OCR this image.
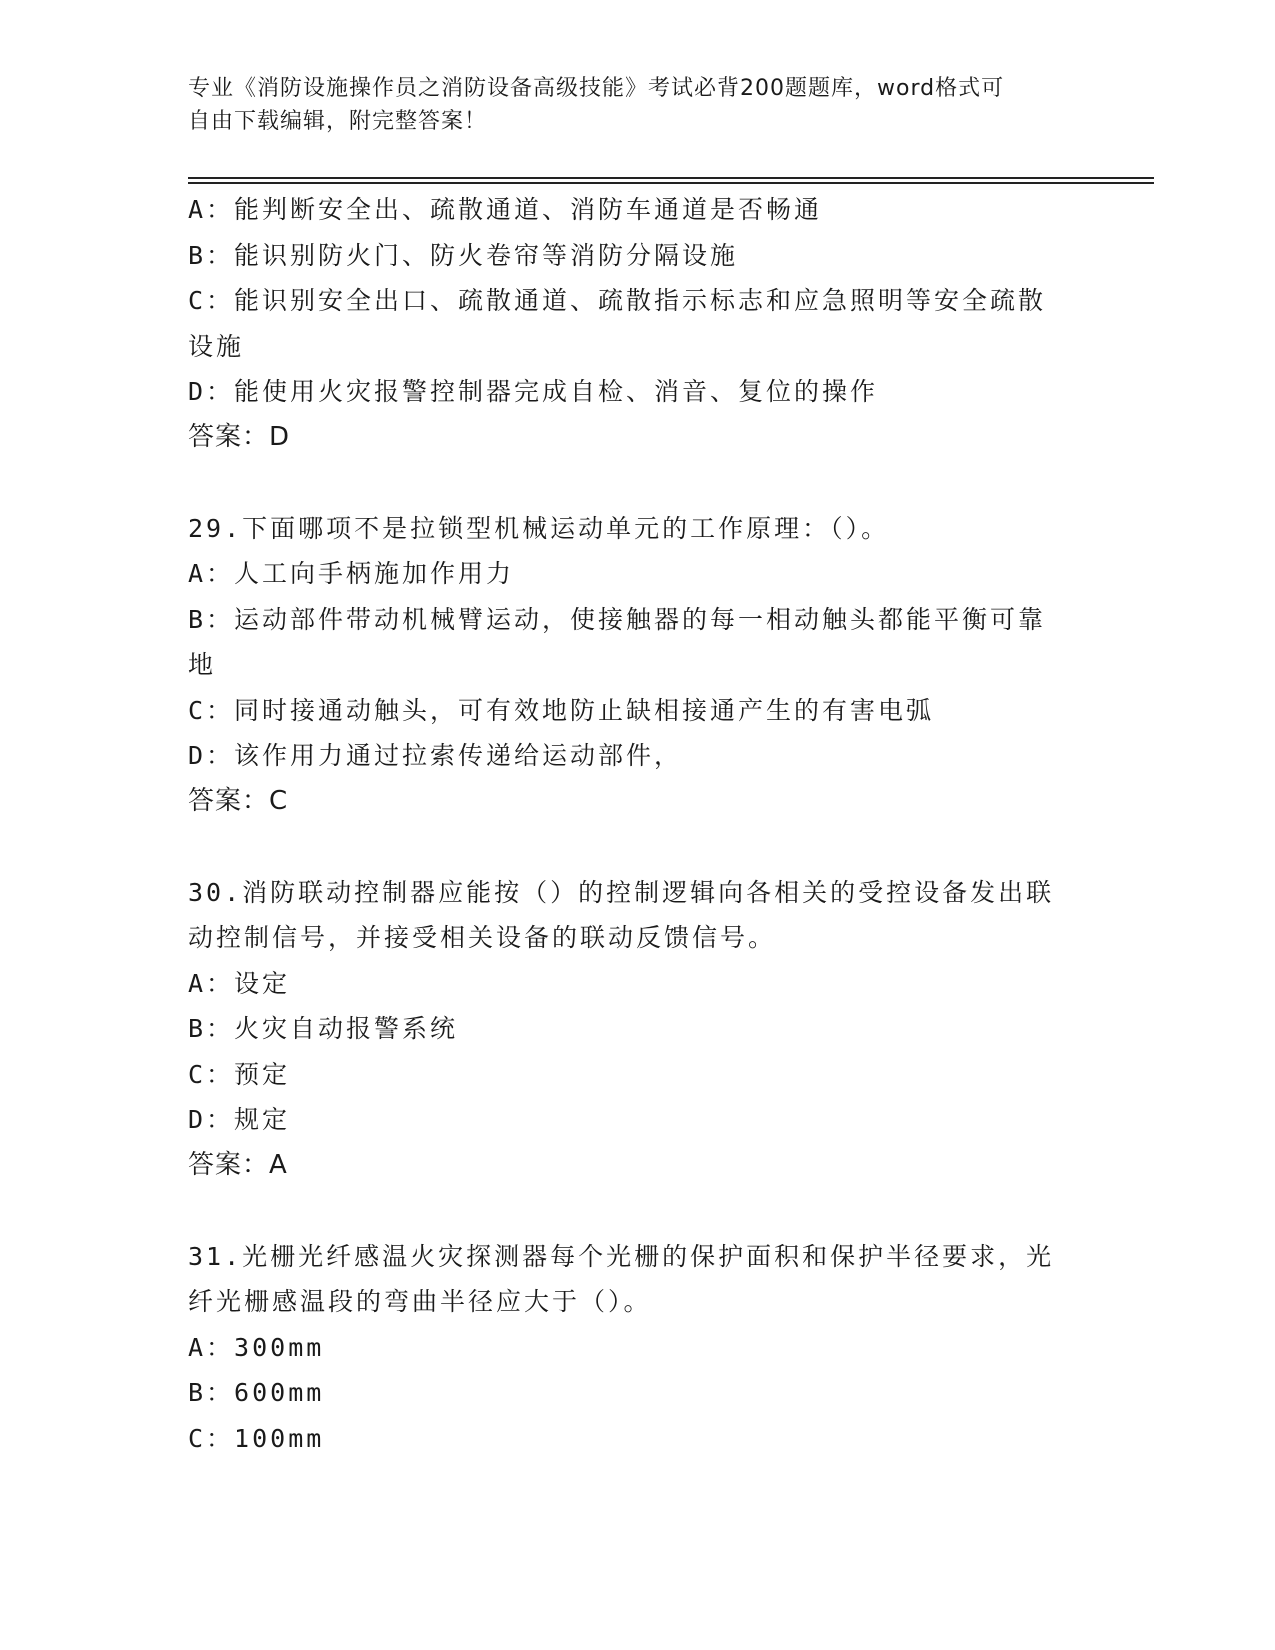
专业《消防设施操作员之消防设备高级技能》考试必背200题题库，word格式可
自由下载编辑，附完整答案！
A：能判断安全出、疏散通道、消防车通道是否畅通
B：能识别防火门、防火卷帘等消防分隔设施
C：能识别安全出口、疏散通道、疏散指示标志和应急照明等安全疏散
设施
D：能使用火灾报警控制器完成自检、消音、复位的操作
答案：D
29.下面哪项不是拉锁型机械运动单元的工作原理：（）。
A：人工向手柄施加作用力
B：运动部件带动机械臂运动，使接触器的每一相动触头都能平衡可靠
地
C：同时接通动触头，可有效地防止缺相接通产生的有害电弧
D：该作用力通过拉索传递给运动部件，
答案：C
30.消防联动控制器应能按（）的控制逻辑向各相关的受控设备发出联
动控制信号，并接受相关设备的联动反馈信号。
A：设定
B：火灾自动报警系统
C：预定
D：规定
答案：A
31.光栅光纤感温火灾探测器每个光栅的保护面积和保护半径要求，光
纤光栅感温段的弯曲半径应大于（）。
A：300mm
B：600mm
C：100mm
